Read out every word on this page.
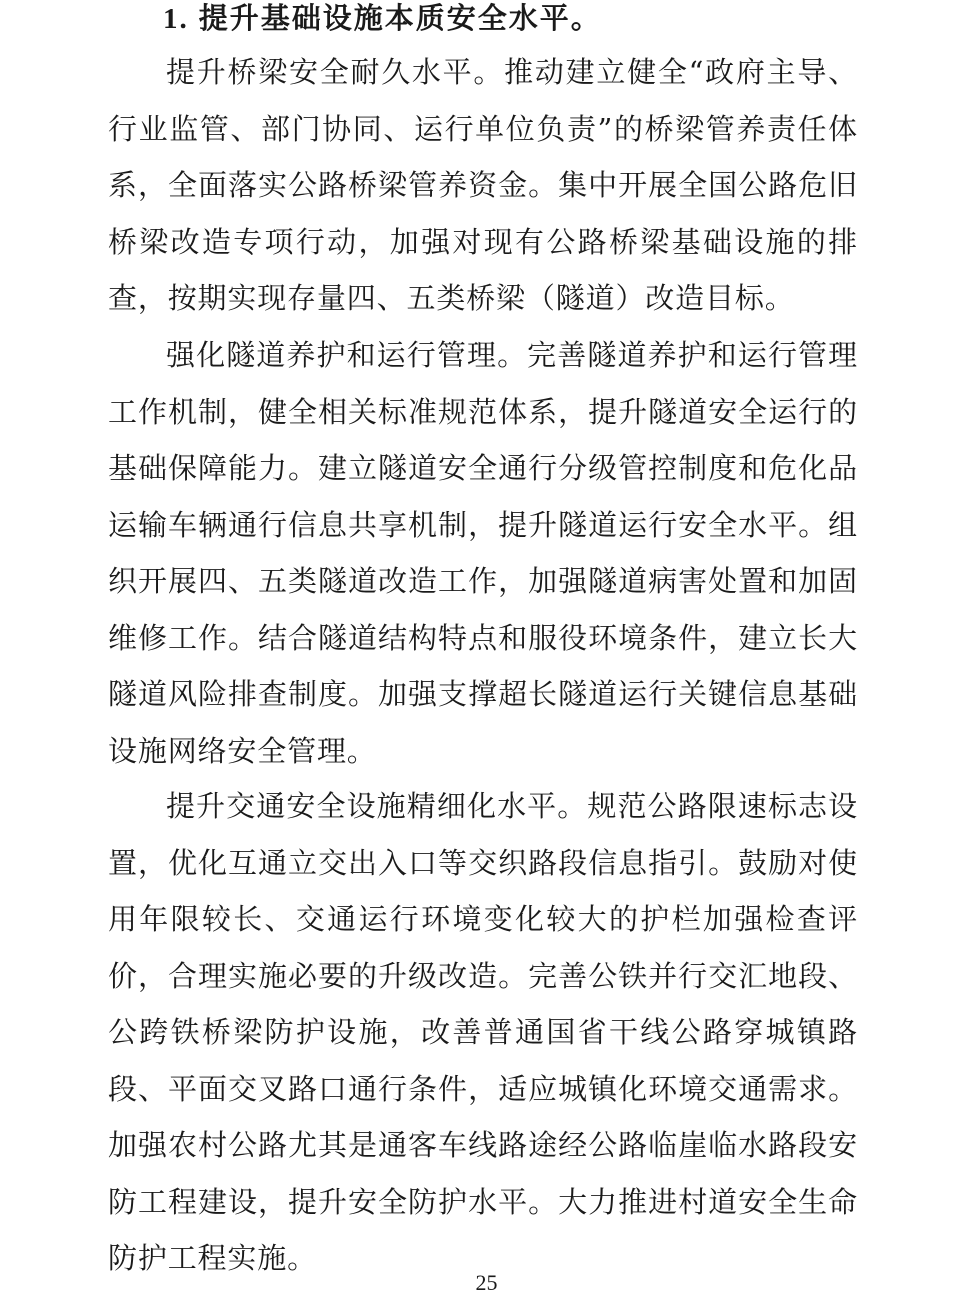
1. 提升基础设施本质安全水平。

提升桥梁安全耐久水平。推动建立健全“政府主导、行业监管、部门协同、运行单位负责”的桥梁管养责任体系，全面落实公路桥梁管养资金。集中开展全国公路危旧桥梁改造专项行动，加强对现有公路桥梁基础设施的排查，按期实现存量四、五类桥梁（隧道）改造目标。

强化隧道养护和运行管理。完善隧道养护和运行管理工作机制，健全相关标准规范体系，提升隧道安全运行的基础保障能力。建立隧道安全通行分级管控制度和危化品运输车辆通行信息共享机制，提升隧道运行安全水平。组织开展四、五类隧道改造工作，加强隧道病害处置和加固维修工作。结合隧道结构特点和服役环境条件，建立长大隧道风险排查制度。加强支撑超长隧道运行关键信息基础设施网络安全管理。

提升交通安全设施精细化水平。规范公路限速标志设置，优化互通立交出入口等交织路段信息指引。鼓励对使用年限较长、交通运行环境变化较大的护栏加强检查评价，合理实施必要的升级改造。完善公铁并行交汇地段、公跨铁桥梁防护设施，改善普通国省干线公路穿城镇路段、平面交叉路口通行条件，适应城镇化环境交通需求。加强农村公路尤其是通客车线路途经公路临崖临水路段安防工程建设，提升安全防护水平。大力推进村道安全生命防护工程实施。

25
